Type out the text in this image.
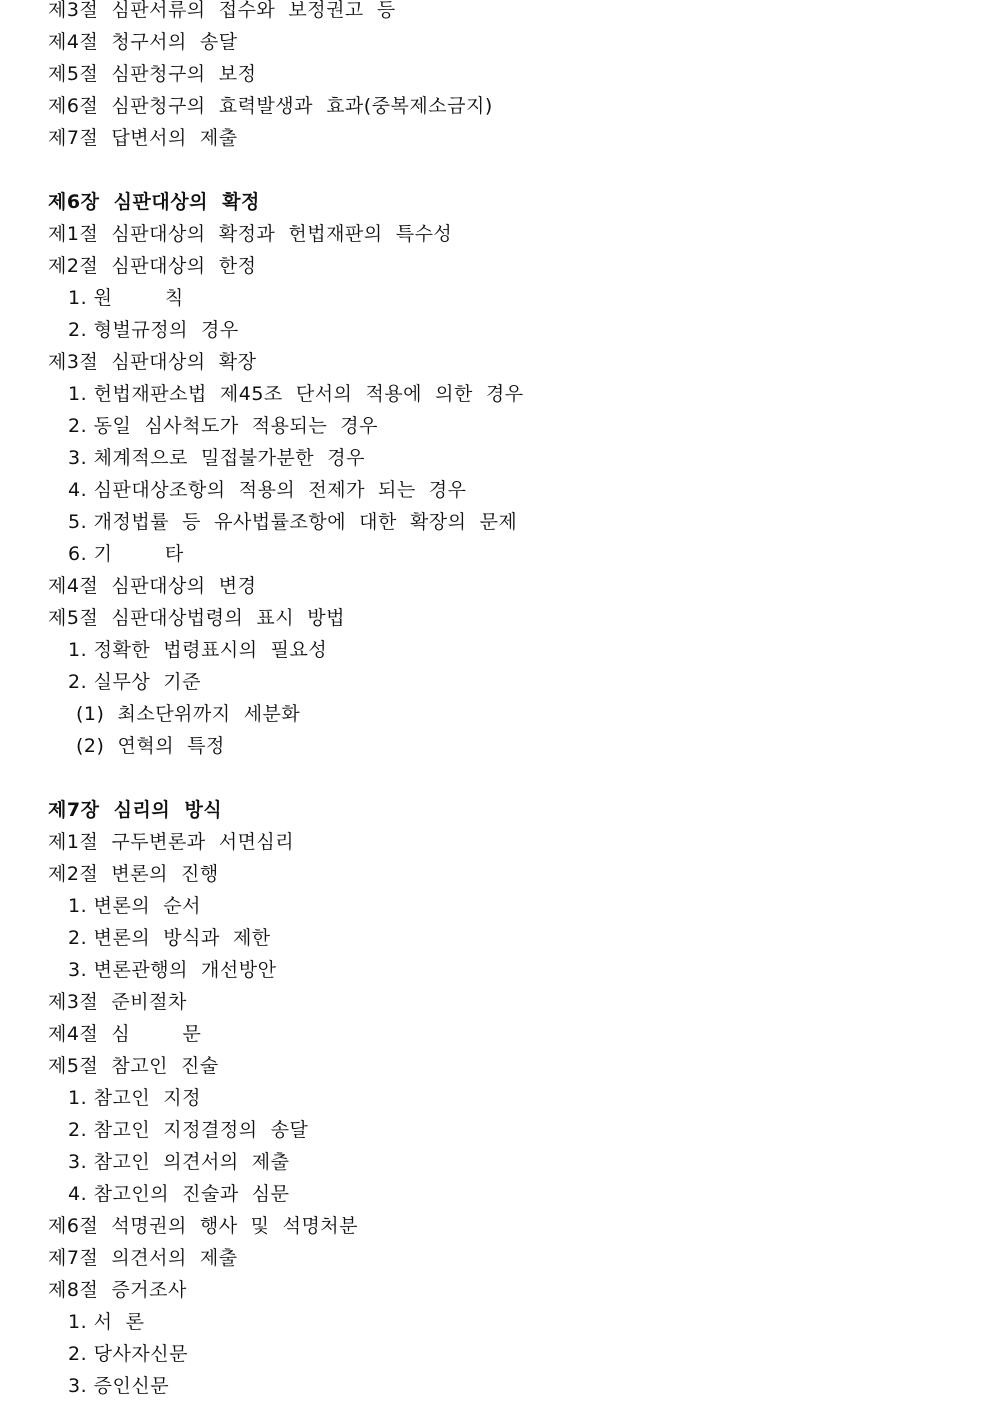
제3절  심판서류의  접수와  보정권고  등
제4절  청구서의  송달
제5절  심판청구의  보정
제6절  심판청구의  효력발생과  효과(중복제소금지)
제7절  답변서의  제출
제6장  심판대상의  확정
제1절  심판대상의  확정과  헌법재판의  특수성
제2절  심판대상의  한정
1. 원        칙
2. 형벌규정의  경우
제3절  심판대상의  확장
1. 헌법재판소법  제45조  단서의  적용에  의한  경우
2. 동일  심사척도가  적용되는  경우
3. 체계적으로  밀접불가분한  경우
4. 심판대상조항의  적용의  전제가  되는  경우
5. 개정법률  등  유사법률조항에  대한  확장의  문제
6. 기        타
제4절  심판대상의  변경
제5절  심판대상법령의  표시  방법
1. 정확한  법령표시의  필요성
2. 실무상  기준
(1)  최소단위까지  세분화
(2)  연혁의  특정
제7장  심리의  방식
제1절  구두변론과  서면심리
제2절  변론의  진행
1. 변론의  순서
2. 변론의  방식과  제한
3. 변론관행의  개선방안
제3절  준비절차
제4절  심        문
제5절  참고인  진술
1. 참고인  지정
2. 참고인  지정결정의  송달
3. 참고인  의견서의  제출
4. 참고인의  진술과  심문
제6절  석명권의  행사  및  석명처분
제7절  의견서의  제출
제8절  증거조사
1. 서  론
2. 당사자신문
3. 증인신문
